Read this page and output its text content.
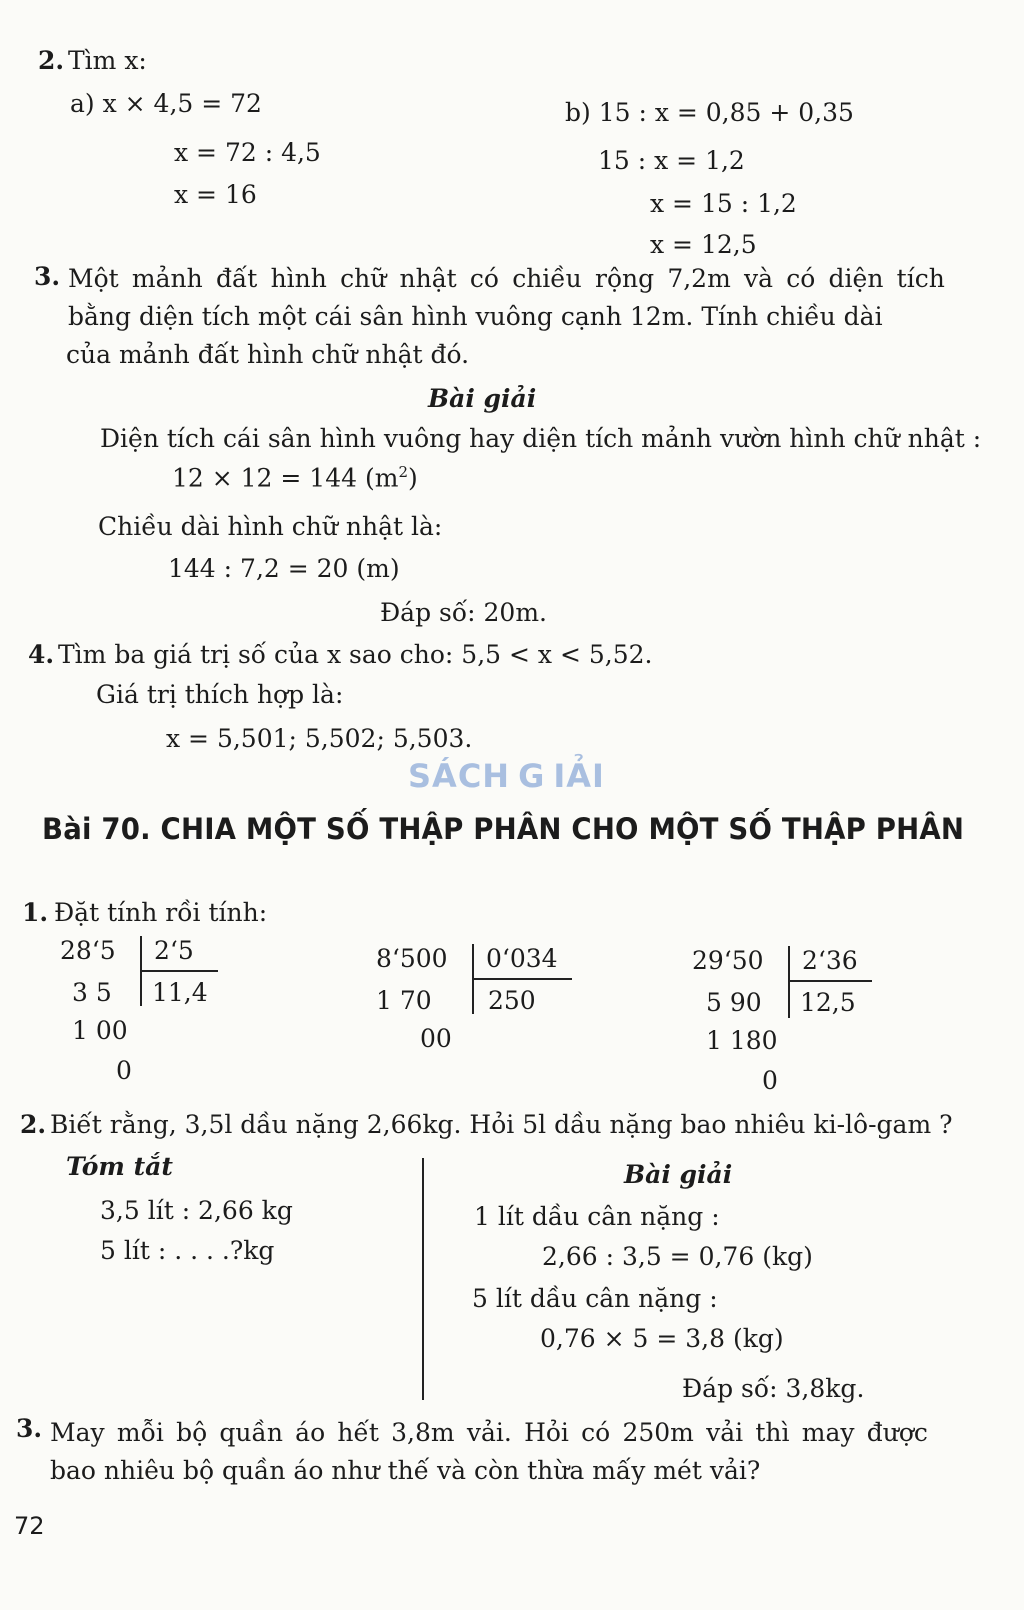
2. Tìm x:
a) x × 4,5 = 72
x = 72 : 4,5
x = 16
b) 15 : x = 0,85 + 0,35
15 : x = 1,2
x = 15 : 1,2
x = 12,5
3. Một mảnh đất hình chữ nhật có chiều rộng 7,2m và có diện tích
bằng diện tích một cái sân hình vuông cạnh 12m. Tính chiều dài
của mảnh đất hình chữ nhật đó.
Bài giải
Diện tích cái sân hình vuông hay diện tích mảnh vườn hình chữ nhật :
12 × 12 = 144 $(m^2)$
Chiều dài hình chữ nhật là:
144 : 7,2 = 20 (m)
Đáp số: 20m.
4. Tìm ba giá trị số của x sao cho: 5,5 < x < 5,52.
Giá trị thích hợp là:
x = 5,501; 5,502; 5,503.
SÁCH G IẢI
Bài 70. CHIA MỘT SỐ THẬP PHÂN CHO MỘT SỐ THẬP PHÂN
1. Đặt tính rồi tính:
28ʻ5 2ʻ5
11,4
3 5
1 00
0
8ʻ500 0ʻ034
250
1 70
00
29ʻ50 2ʻ36
12,5
5 90
1 180
0
2. Biết rằng, 3,5l dầu nặng 2,66kg. Hỏi 5l dầu nặng bao nhiêu ki-lô-gam ?
Tóm tắt
3,5 lít : 2,66 kg
5 lít : . . . .?kg
Bài giải
1 lít dầu cân nặng :
2,66 : 3,5 = 0,76 (kg)
5 lít dầu cân nặng :
0,76 × 5 = 3,8 (kg)
Đáp số: 3,8kg.
3. May mỗi bộ quần áo hết 3,8m vải. Hỏi có 250m vải thì may được
bao nhiêu bộ quần áo như thế và còn thừa mấy mét vải?
72
